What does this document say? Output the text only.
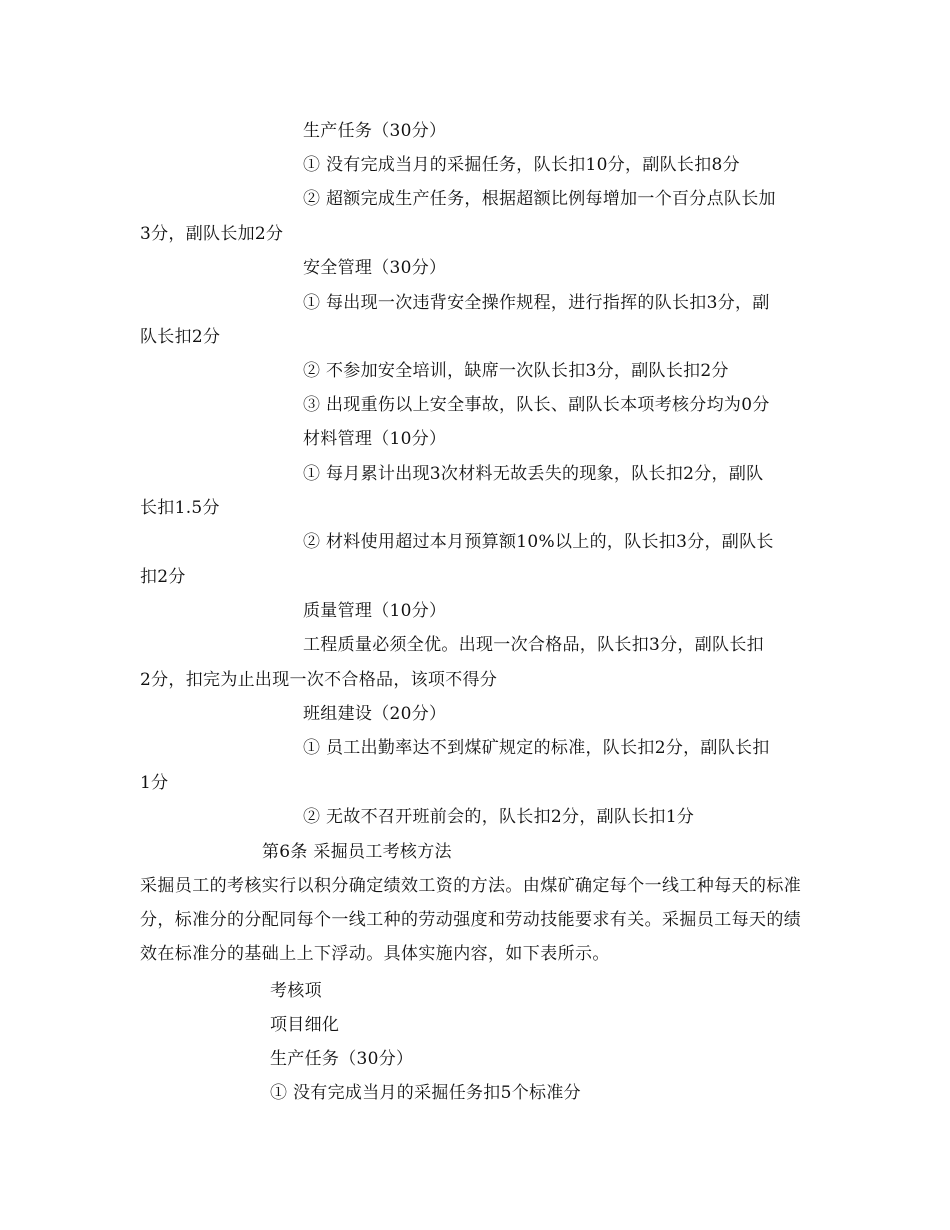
生产任务（30分）
① 没有完成当月的采掘任务，队长扣10分，副队长扣8分
② 超额完成生产任务，根据超额比例每增加一个百分点队长加
3分，副队长加2分
安全管理（30分）
① 每出现一次违背安全操作规程，进行指挥的队长扣3分，副
队长扣2分
② 不参加安全培训，缺席一次队长扣3分，副队长扣2分
③ 出现重伤以上安全事故，队长、副队长本项考核分均为0分
材料管理（10分）
① 每月累计出现3次材料无故丢失的现象，队长扣2分，副队
长扣1.5分
② 材料使用超过本月预算额10%以上的，队长扣3分，副队长
扣2分
质量管理（10分）
工程质量必须全优。出现一次合格品，队长扣3分，副队长扣
2分，扣完为止出现一次不合格品，该项不得分
班组建设（20分）
① 员工出勤率达不到煤矿规定的标准，队长扣2分，副队长扣
1分
② 无故不召开班前会的，队长扣2分，副队长扣1分
第6条 采掘员工考核方法
采掘员工的考核实行以积分确定绩效工资的方法。由煤矿确定每个一线工种每天的标准分，标准分的分配同每个一线工种的劳动强度和劳动技能要求有关。采掘员工每天的绩效在标准分的基础上上下浮动。具体实施内容，如下表所示。
考核项
项目细化
生产任务（30分）
① 没有完成当月的采掘任务扣5个标准分
